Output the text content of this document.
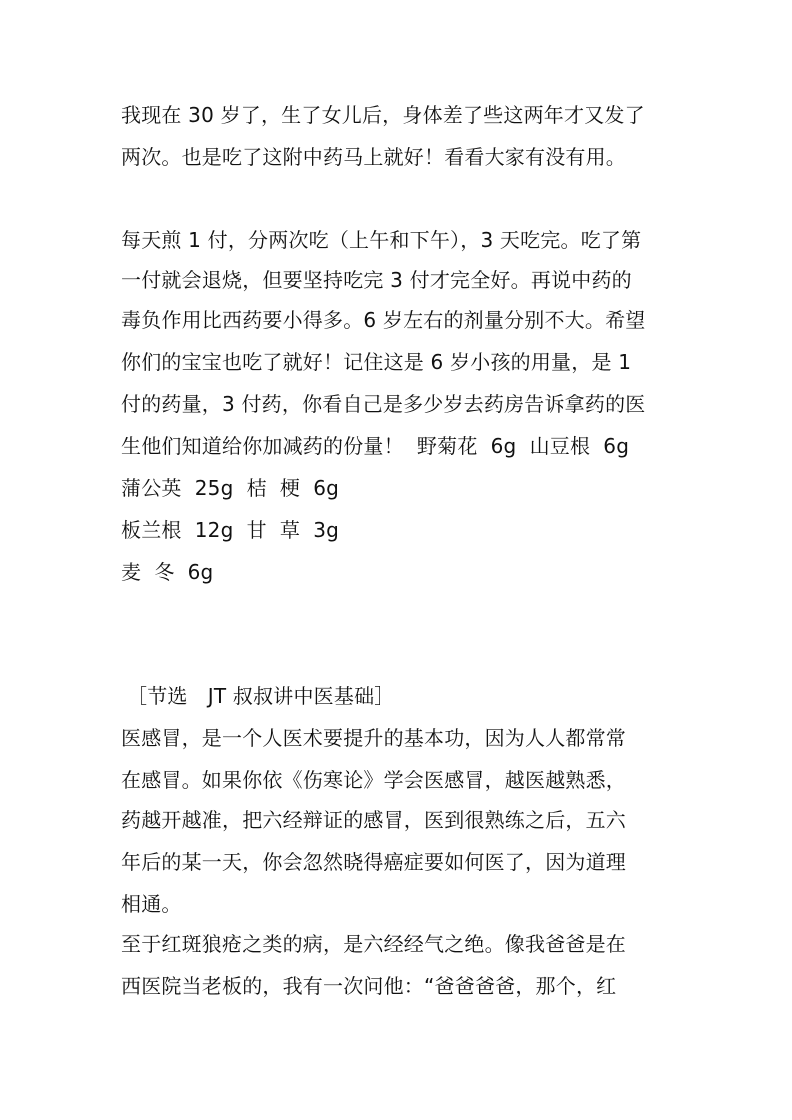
我现在 30 岁了，生了女儿后，身体差了些这两年才又发了
两次。也是吃了这附中药马上就好！看看大家有没有用。
每天煎 1 付，分两次吃（上午和下午），3 天吃完。吃了第
一付就会退烧，但要坚持吃完 3 付才完全好。再说中药的
毒负作用比西药要小得多。6 岁左右的剂量分别不大。希望
你们的宝宝也吃了就好！记住这是 6 岁小孩的用量，是 1
付的药量，3 付药，你看自己是多少岁去药房告诉拿药的医
生他们知道给你加减药的份量！  野菊花  6g  山豆根  6g
蒲公英  25g  桔  梗  6g
板兰根  12g  甘  草  3g
麦  冬  6g
［节选　JT 叔叔讲中医基础］
医感冒，是一个人医术要提升的基本功，因为人人都常常
在感冒。如果你依《伤寒论》学会医感冒，越医越熟悉，
药越开越准，把六经辩证的感冒，医到很熟练之后，五六
年后的某一天，你会忽然晓得癌症要如何医了，因为道理
相通。
至于红斑狼疮之类的病，是六经经气之绝。像我爸爸是在
西医院当老板的，我有一次问他：“爸爸爸爸，那个，红
